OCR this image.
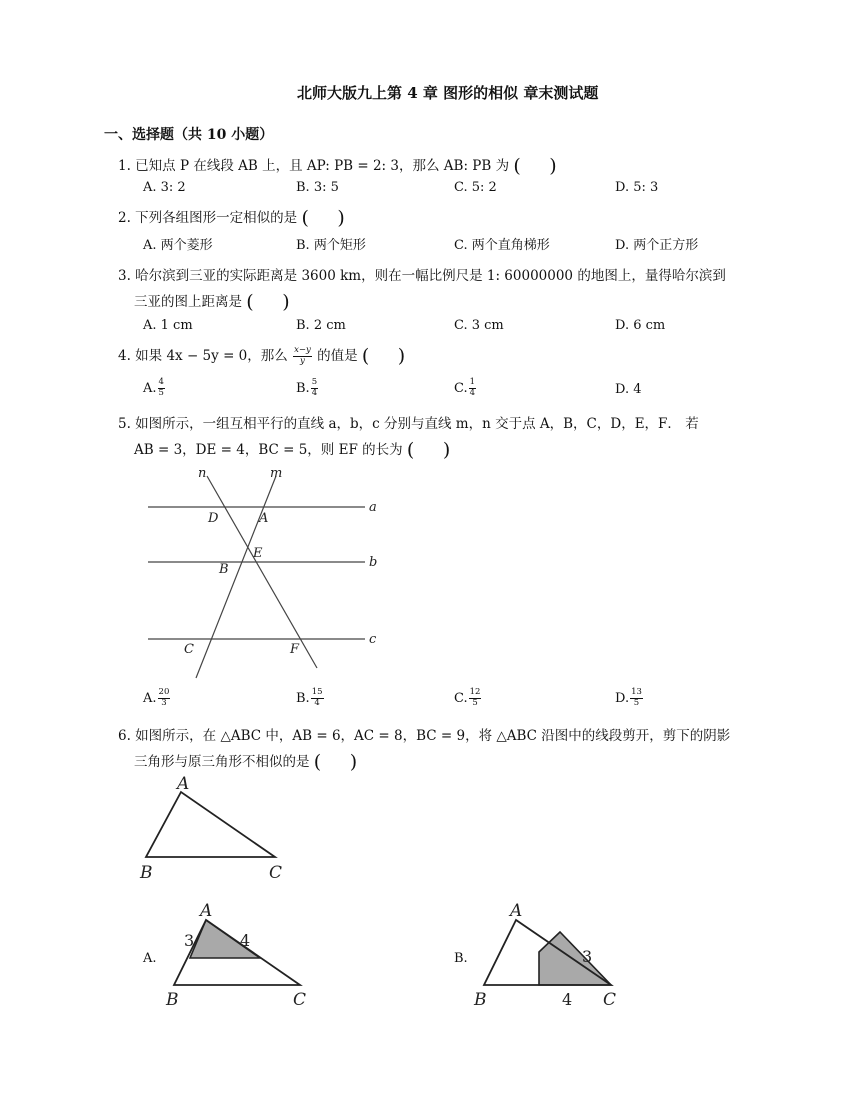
北师大版九上第 4 章 图形的相似 章末测试题
一、选择题（共 10 小题）
1. 已知点 P 在线段 AB 上，且 AP: PB = 2: 3，那么 AB: PB 为 (  )
A. 3: 2	B. 3: 5	C. 5: 2	D. 5: 3
2. 下列各组图形一定相似的是 (  )
A. 两个菱形	B. 两个矩形	C. 两个直角梯形	D. 两个正方形
3. 哈尔滨到三亚的实际距离是 3600 km，则在一幅比例尺是 1: 60000000 的地图上，量得哈尔滨到
三亚的图上距离是 (  )
A. 1 cm	B. 2 cm	C. 3 cm	D. 6 cm
4. 如果 4x − 5y = 0，那么 $\frac{x-y}{y}$ 的值是 (  )
A. $\frac{4}{5}$	B. $\frac{5}{4}$	C. $\frac{1}{4}$	D. 4
5. 如图所示，一组互相平行的直线 a，b，c 分别与直线 m，n 交于点 A，B，C，D，E，F． 若
AB = 3，DE = 4，BC = 5，则 EF 的长为 (  )
n	m
a
b
c
D	A
E
B
C	F
A. $\frac{20}{3}$	B. $\frac{15}{4}$	C. $\frac{12}{5}$	D. $\frac{13}{5}$
6. 如图所示，在 △ABC 中，AB = 6，AC = 8，BC = 9，将 △ABC 沿图中的线段剪开，剪下的阴影
三角形与原三角形不相似的是 (  )
A
B	C
A.
A
B	C
3	4
B.
A
B	C
3
4
